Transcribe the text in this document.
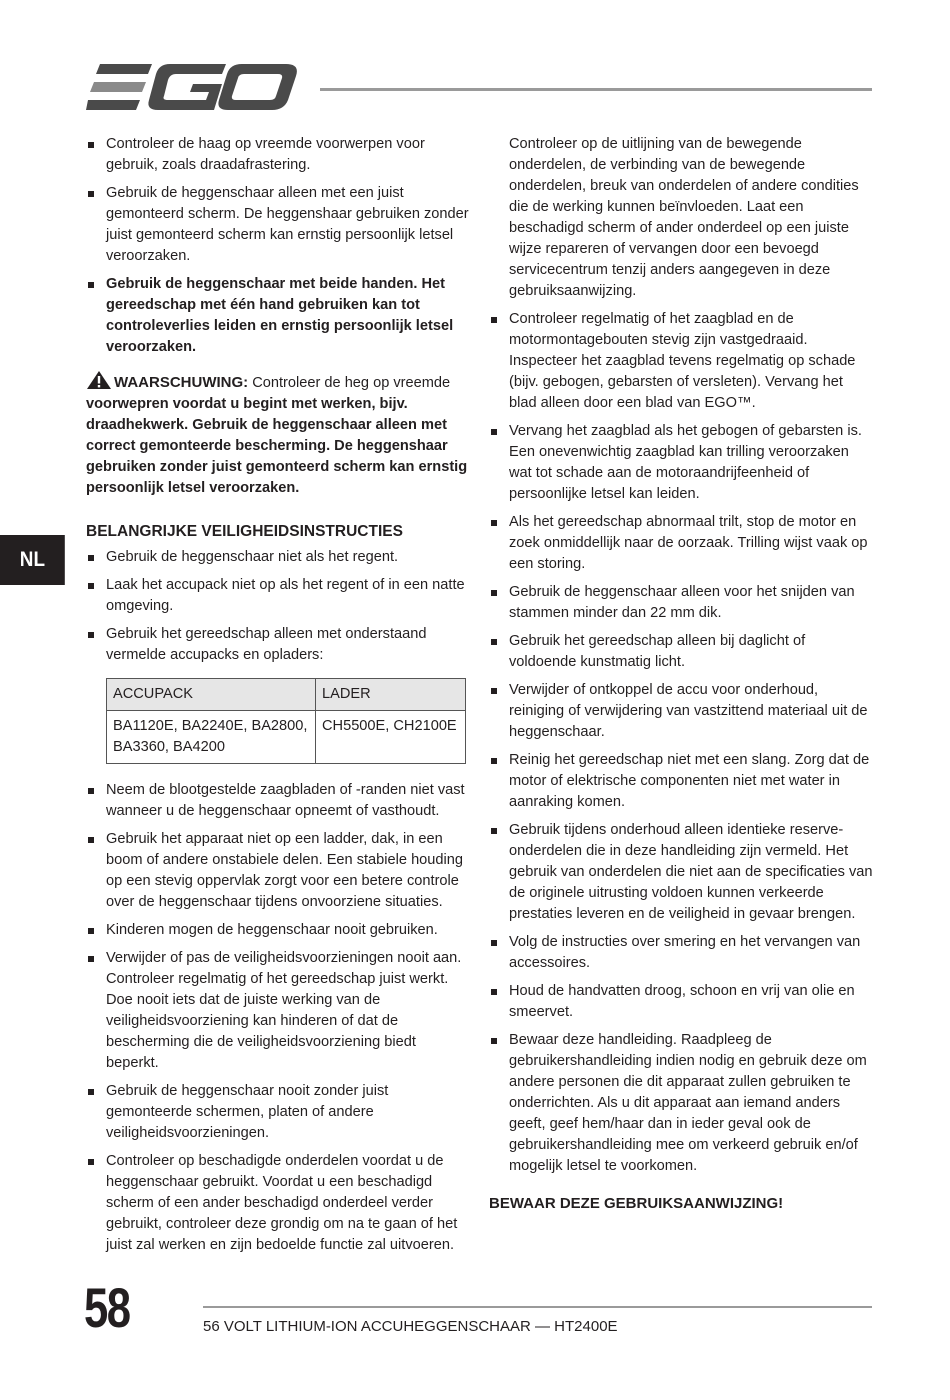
NL
Controleer de haag op vreemde voorwerpen voor gebruik, zoals draadafrastering.
Gebruik de heggenschaar alleen met een juist gemonteerd scherm. De heggenshaar gebruiken zonder juist gemonteerd scherm kan ernstig persoonlijk letsel veroorzaken.
Gebruik de heggenschaar met beide handen. Het gereedschap met één hand gebruiken kan tot controleverlies leiden en ernstig persoonlijk letsel veroorzaken.
WAARSCHUWING: Controleer de heg op vreemde voorwepren voordat u begint met werken, bijv. draadhekwerk. Gebruik de heggenschaar alleen met correct gemonteerde bescherming. De heggenshaar gebruiken zonder juist gemonteerd scherm kan ernstig persoonlijk letsel veroorzaken.
BELANGRIJKE VEILIGHEIDSINSTRUCTIES
Gebruik de heggenschaar niet als het regent.
Laak het accupack niet op als het regent of in een natte omgeving.
Gebruik het gereedschap alleen met onderstaand vermelde accupacks en opladers:
ACCUPACK	LADER
BA1120E, BA2240E, BA2800, BA3360, BA4200	CH5500E, CH2100E
Neem de blootgestelde zaagbladen of -randen niet vast wanneer u de heggenschaar opneemt of vasthoudt.
Gebruik het apparaat niet op een ladder, dak, in een boom of andere onstabiele delen. Een stabiele houding op een stevig oppervlak zorgt voor een betere controle over de heggenschaar tijdens onvoorziene situaties.
Kinderen mogen de heggenschaar nooit gebruiken.
Verwijder of pas de veiligheidsvoorzieningen nooit aan. Controleer regelmatig of het gereedschap juist werkt. Doe nooit iets dat de juiste werking van de veiligheidsvoorziening kan hinderen of dat de bescherming die de veiligheidsvoorziening biedt beperkt.
Gebruik de heggenschaar nooit zonder juist gemonteerde schermen, platen of andere veiligheidsvoorzieningen.
Controleer op beschadigde onderdelen voordat u de heggenschaar gebruikt. Voordat u een beschadigd scherm of een ander beschadigd onderdeel verder gebruikt, controleer deze grondig om na te gaan of het juist zal werken en zijn bedoelde functie zal uitvoeren.

Controleer op de uitlijning van de bewegende onderdelen, de verbinding van de bewegende onderdelen, breuk van onderdelen of andere condities die de werking kunnen beïnvloeden. Laat een beschadigd scherm of ander onderdeel op een juiste wijze repareren of vervangen door een bevoegd servicecentrum tenzij anders aangegeven in deze gebruiksaanwijzing.

Controleer regelmatig of het zaagblad en de motormontagebouten stevig zijn vastgedraaid. Inspecteer het zaagblad tevens regelmatig op schade (bijv. gebogen, gebarsten of versleten). Vervang het blad alleen door een blad van EGO™.
Vervang het zaagblad als het gebogen of gebarsten is. Een onevenwichtig zaagblad kan trilling veroorzaken wat tot schade aan de motoraandrijfeenheid of persoonlijke letsel kan leiden.
Als het gereedschap abnormaal trilt, stop de motor en zoek onmiddellijk naar de oorzaak. Trilling wijst vaak op een storing.
Gebruik de heggenschaar alleen voor het snijden van stammen minder dan 22 mm dik.
Gebruik het gereedschap alleen bij daglicht of voldoende kunstmatig licht.
Verwijder of ontkoppel de accu voor onderhoud, reiniging of verwijdering van vastzittend materiaal uit de heggenschaar.
Reinig het gereedschap niet met een slang. Zorg dat de motor of elektrische componenten niet met water in aanraking komen.
Gebruik tijdens onderhoud alleen identieke reserve-onderdelen die in deze handleiding zijn vermeld. Het gebruik van onderdelen die niet aan de specificaties van de originele uitrusting voldoen kunnen verkeerde prestaties leveren en de veiligheid in gevaar brengen.
Volg de instructies over smering en het vervangen van accessoires.
Houd de handvatten droog, schoon en vrij van olie en smeervet.
Bewaar deze handleiding. Raadpleeg de gebruikershandleiding indien nodig en gebruik deze om andere personen die dit apparaat zullen gebruiken te onderrichten. Als u dit apparaat aan iemand anders geeft, geef hem/haar dan in ieder geval ook de gebruikershandleiding mee om verkeerd gebruik en/of mogelijk letsel te voorkomen.
BEWAAR DEZE GEBRUIKSAANWIJZING!
58	56 VOLT LITHIUM-ION ACCUHEGGENSCHAAR — HT2400E
